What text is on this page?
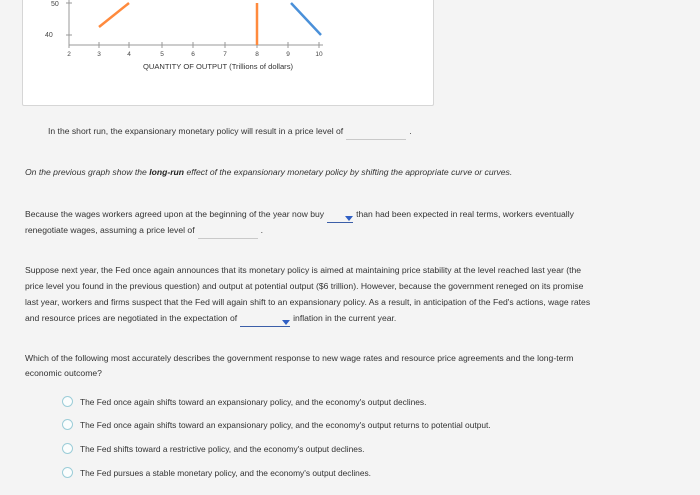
50
40
2	3	4	5	6	7	8	9	10
QUANTITY OF OUTPUT (Trillions of dollars)
In the short run, the expansionary monetary policy will result in a price level of	.
On the previous graph show the long-run effect of the expansionary monetary policy by shifting the appropriate curve or curves.
Because the wages workers agreed upon at the beginning of the year now buy	than had been expected in real terms, workers eventually
renegotiate wages, assuming a price level of	.
Suppose next year, the Fed once again announces that its monetary policy is aimed at maintaining price stability at the level reached last year (the
price level you found in the previous question) and output at potential output ($6 trillion). However, because the government reneged on its promise
last year, workers and firms suspect that the Fed will again shift to an expansionary policy. As a result, in anticipation of the Fed's actions, wage rates
and resource prices are negotiated in the expectation of	inflation in the current year.
Which of the following most accurately describes the government response to new wage rates and resource price agreements and the long-term
economic outcome?
The Fed once again shifts toward an expansionary policy, and the economy's output declines.
The Fed once again shifts toward an expansionary policy, and the economy's output returns to potential output.
The Fed shifts toward a restrictive policy, and the economy's output declines.
The Fed pursues a stable monetary policy, and the economy's output declines.
